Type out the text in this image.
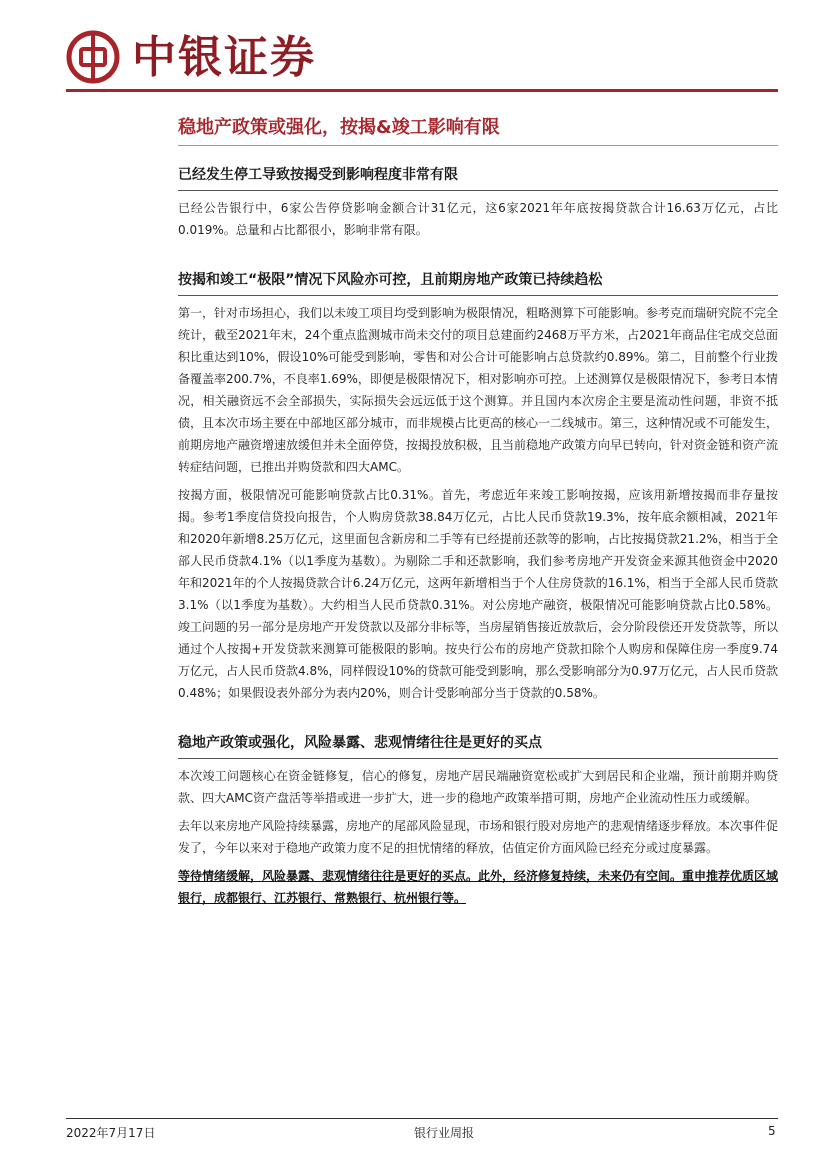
中银证券
稳地产政策或强化，按揭&竣工影响有限
已经发生停工导致按揭受到影响程度非常有限

已经公告银行中，6家公告停贷影响金额合计31亿元，这6家2021年年底按揭贷款合计16.63万亿元，占比0.019%。总量和占比都很小，影响非常有限。

按揭和竣工“极限”情况下风险亦可控，且前期房地产政策已持续趋松

第一，针对市场担心，我们以未竣工项目均受到影响为极限情况，粗略测算下可能影响。参考克而瑞研究院不完全统计，截至2021年末，24个重点监测城市尚未交付的项目总建面约2468万平方米，占2021年商品住宅成交总面积比重达到10%，假设10%可能受到影响，零售和对公合计可能影响占总贷款约0.89%。第二，目前整个行业拨备覆盖率200.7%，不良率1.69%，即便是极限情况下，相对影响亦可控。上述测算仅是极限情况下，参考日本情况，相关融资远不会全部损失，实际损失会远远低于这个测算。并且国内本次房企主要是流动性问题，非资不抵债，且本次市场主要在中部地区部分城市，而非规模占比更高的核心一二线城市。第三，这种情况或不可能发生，前期房地产融资增速放缓但并未全面停贷，按揭投放积极，且当前稳地产政策方向早已转向，针对资金链和资产流转症结问题，已推出并购贷款和四大AMC。

按揭方面，极限情况可能影响贷款占比0.31%。首先，考虑近年来竣工影响按揭，应该用新增按揭而非存量按揭。参考1季度信贷投向报告，个人购房贷款38.84万亿元，占比人民币贷款19.3%，按年底余额相减，2021年和2020年新增8.25万亿元，这里面包含新房和二手等有已经提前还款等的影响，占比按揭贷款21.2%，相当于全部人民币贷款4.1%（以1季度为基数）。为剔除二手和还款影响，我们参考房地产开发资金来源其他资金中2020年和2021年的个人按揭贷款合计6.24万亿元，这两年新增相当于个人住房贷款的16.1%，相当于全部人民币贷款3.1%（以1季度为基数）。大约相当人民币贷款0.31%。对公房地产融资，极限情况可能影响贷款占比0.58%。竣工问题的另一部分是房地产开发贷款以及部分非标等，当房屋销售接近放款后，会分阶段偿还开发贷款等，所以通过个人按揭+开发贷款来测算可能极限的影响。按央行公布的房地产贷款扣除个人购房和保障住房一季度9.74万亿元，占人民币贷款4.8%，同样假设10%的贷款可能受到影响，那么受影响部分为0.97万亿元，占人民币贷款0.48%；如果假设表外部分为表内20%，则合计受影响部分当于贷款的0.58%。

稳地产政策或强化，风险暴露、悲观情绪往往是更好的买点

本次竣工问题核心在资金链修复，信心的修复，房地产居民端融资宽松或扩大到居民和企业端，预计前期并购贷款、四大AMC资产盘活等举措或进一步扩大，进一步的稳地产政策举措可期，房地产企业流动性压力或缓解。

去年以来房地产风险持续暴露，房地产的尾部风险显现，市场和银行股对房地产的悲观情绪逐步释放。本次事件促发了，今年以来对于稳地产政策力度不足的担忧情绪的释放，估值定价方面风险已经充分或过度暴露。

等待情绪缓解，风险暴露、悲观情绪往往是更好的买点。此外，经济修复持续，未来仍有空间。重申推荐优质区域银行，成都银行、江苏银行、常熟银行、杭州银行等。

2022年7月17日	银行业周报	5
